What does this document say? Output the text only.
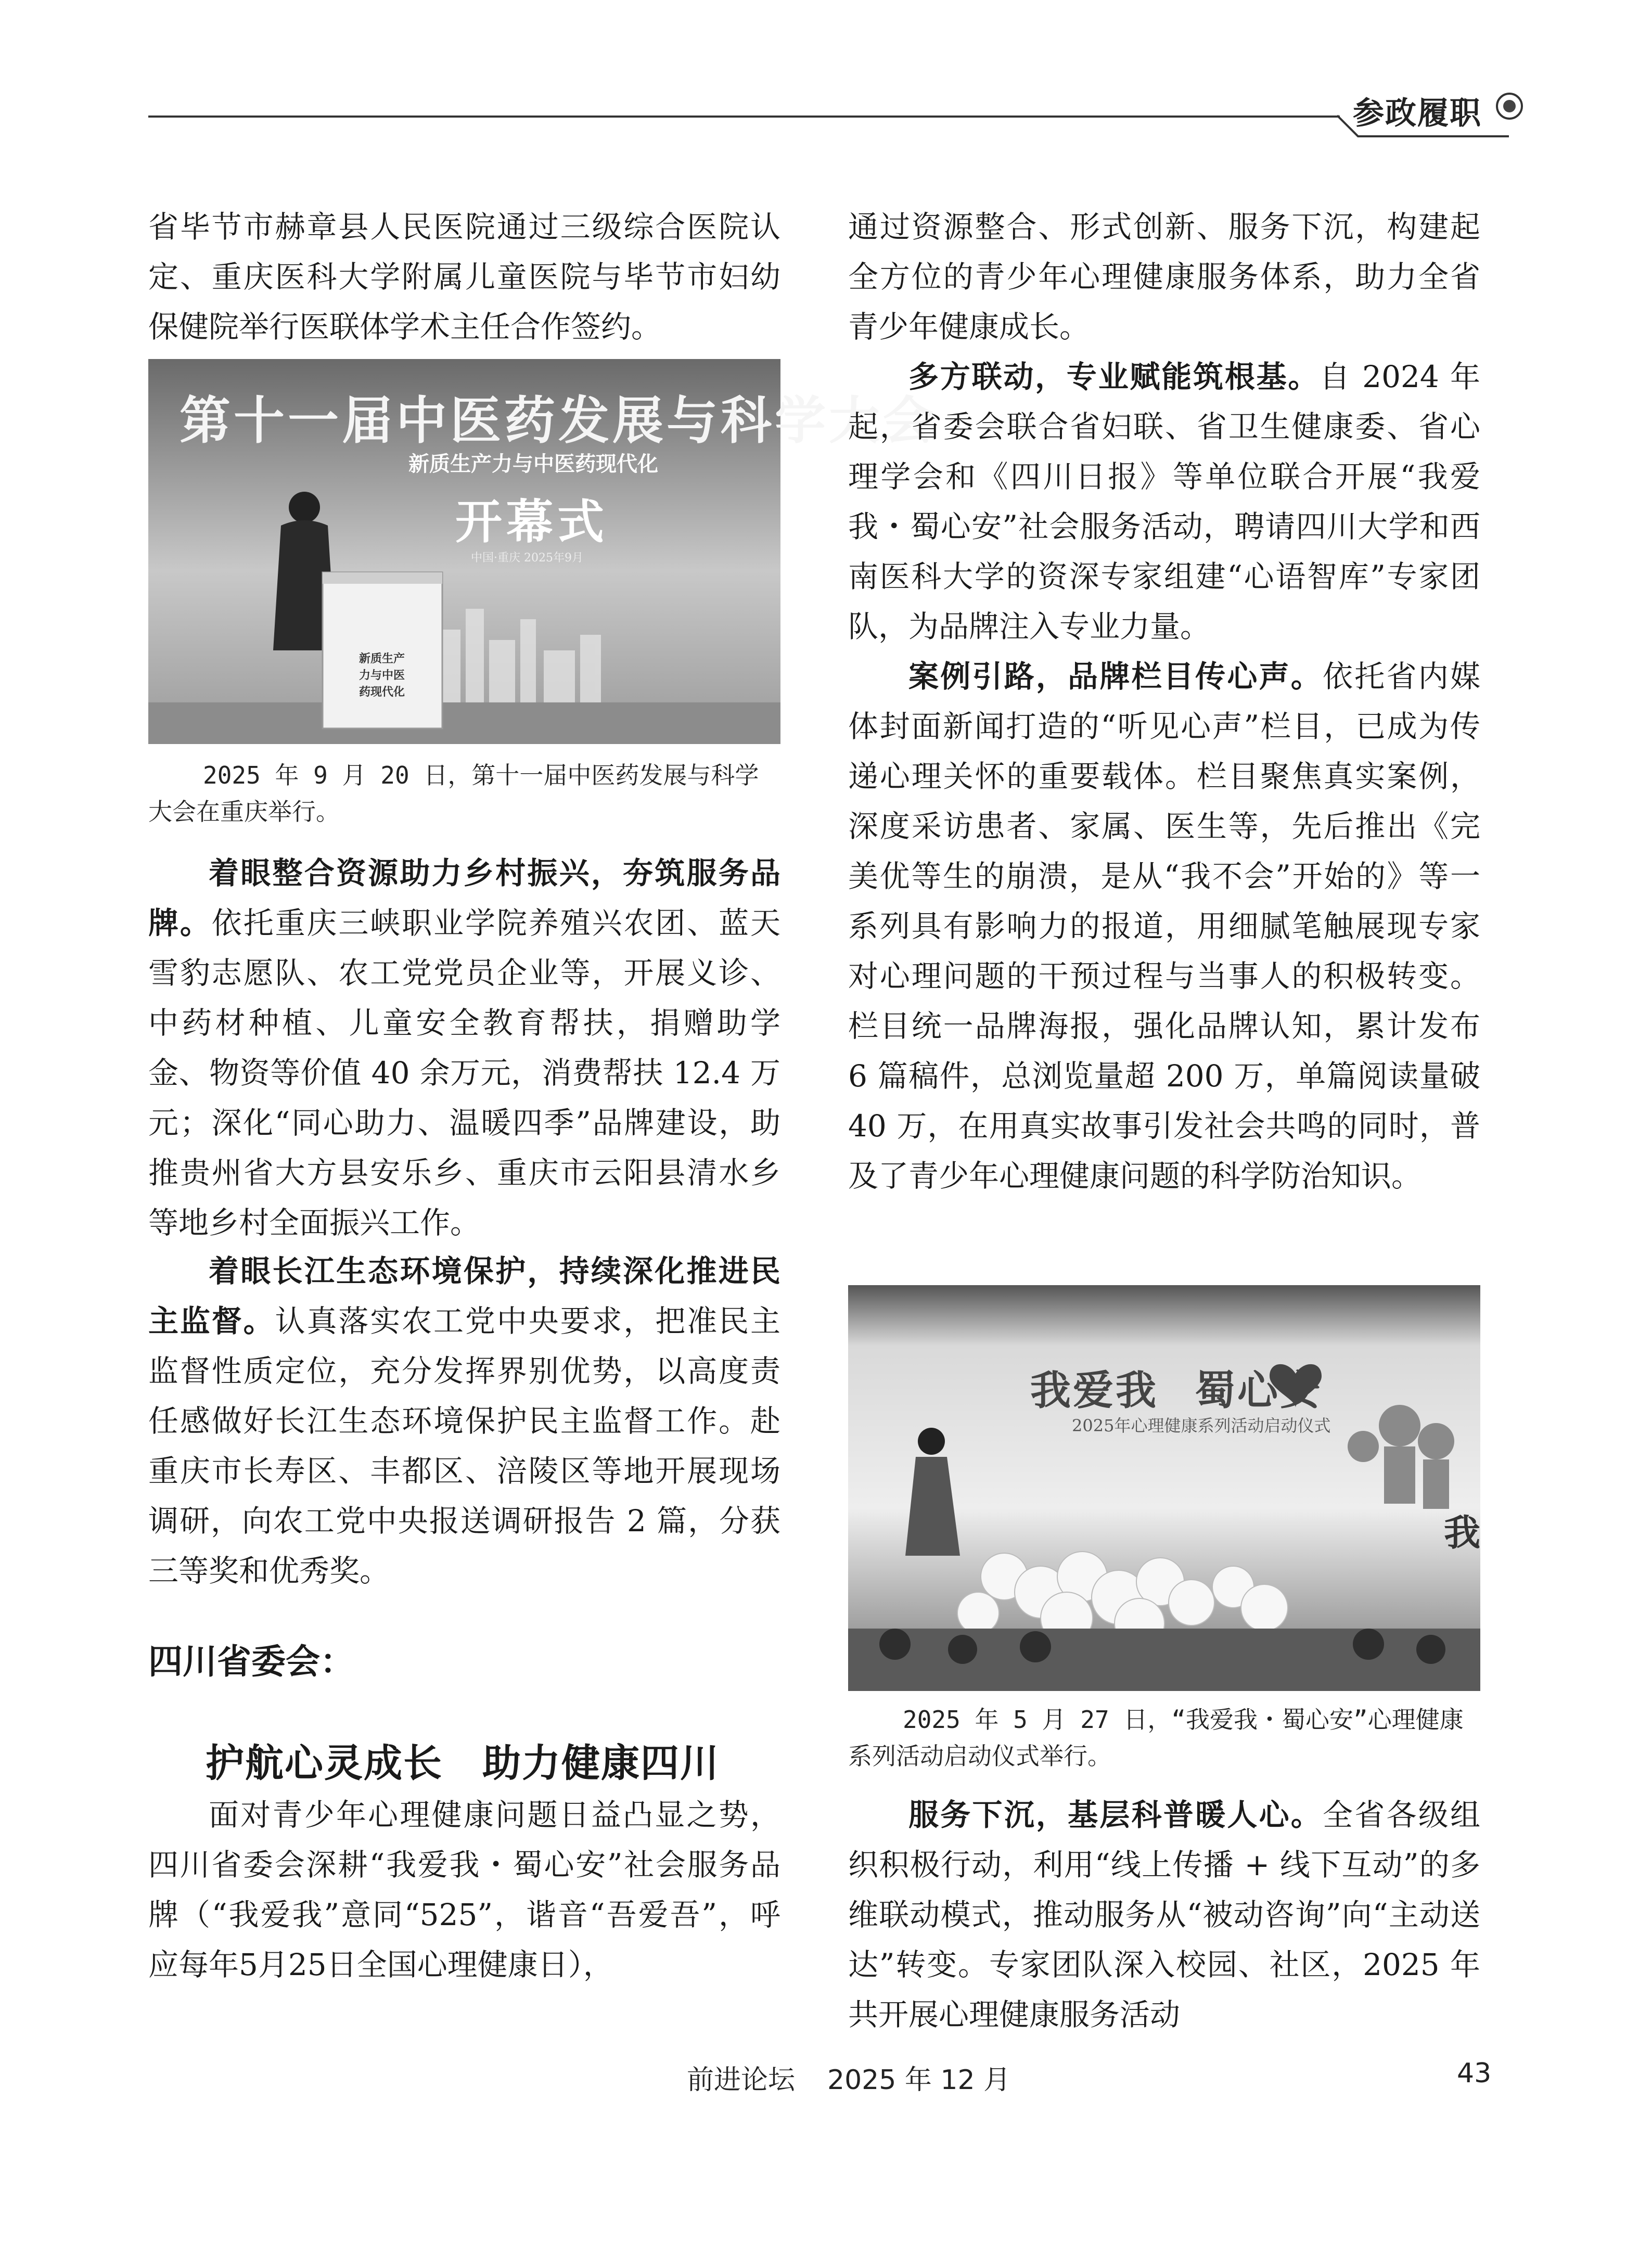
参政履职

省毕节市赫章县人民医院通过三级综合医院认定、重庆医科大学附属儿童医院与毕节市妇幼保健院举行医联体学术主任合作签约。

第十一届中医药发展与科学大会
新质生产力与中医药现代化
开幕式
中国·重庆 2025年9月
新质生产力与中医药现代化
2025 年 9 月 20 日，第十一届中医药发展与科学大会在重庆举行。

着眼整合资源助力乡村振兴，夯筑服务品牌。依托重庆三峡职业学院养殖兴农团、蓝天雪豹志愿队、农工党党员企业等，开展义诊、中药材种植、儿童安全教育帮扶，捐赠助学金、物资等价值 40 余万元，消费帮扶 12.4 万元；深化“同心助力、温暖四季”品牌建设，助推贵州省大方县安乐乡、重庆市云阳县清水乡等地乡村全面振兴工作。

着眼长江生态环境保护，持续深化推进民主监督。认真落实农工党中央要求，把准民主监督性质定位，充分发挥界别优势，以高度责任感做好长江生态环境保护民主监督工作。赴重庆市长寿区、丰都区、涪陵区等地开展现场调研，向农工党中央报送调研报告 2 篇，分获三等奖和优秀奖。

四川省委会：
护航心灵成长　助力健康四川

面对青少年心理健康问题日益凸显之势，四川省委会深耕“我爱我・蜀心安”社会服务品牌（“我爱我”意同“525”，谐音“吾爱吾”，呼应每年5月25日全国心理健康日），

通过资源整合、形式创新、服务下沉，构建起全方位的青少年心理健康服务体系，助力全省青少年健康成长。

多方联动，专业赋能筑根基。自 2024 年起，省委会联合省妇联、省卫生健康委、省心理学会和《四川日报》等单位联合开展“我爱我・蜀心安”社会服务活动，聘请四川大学和西南医科大学的资深专家组建“心语智库”专家团队，为品牌注入专业力量。

案例引路，品牌栏目传心声。依托省内媒体封面新闻打造的“听见心声”栏目，已成为传递心理关怀的重要载体。栏目聚焦真实案例，深度采访患者、家属、医生等，先后推出《完美优等生的崩溃，是从“我不会”开始的》等一系列具有影响力的报道，用细腻笔触展现专家对心理问题的干预过程与当事人的积极转变。栏目统一品牌海报，强化品牌认知，累计发布 6 篇稿件，总浏览量超 200 万，单篇阅读量破 40 万，在用真实故事引发社会共鸣的同时，普及了青少年心理健康问题的科学防治知识。

我爱我 蜀心安
2025年心理健康系列活动启动仪式
我
2025 年 5 月 27 日，“我爱我・蜀心安”心理健康系列活动启动仪式举行。

服务下沉，基层科普暖人心。全省各级组织积极行动，利用“线上传播 + 线下互动”的多维联动模式，推动服务从“被动咨询”向“主动送达”转变。专家团队深入校园、社区，2025 年共开展心理健康服务活动

前进论坛 2025 年 12 月	43
